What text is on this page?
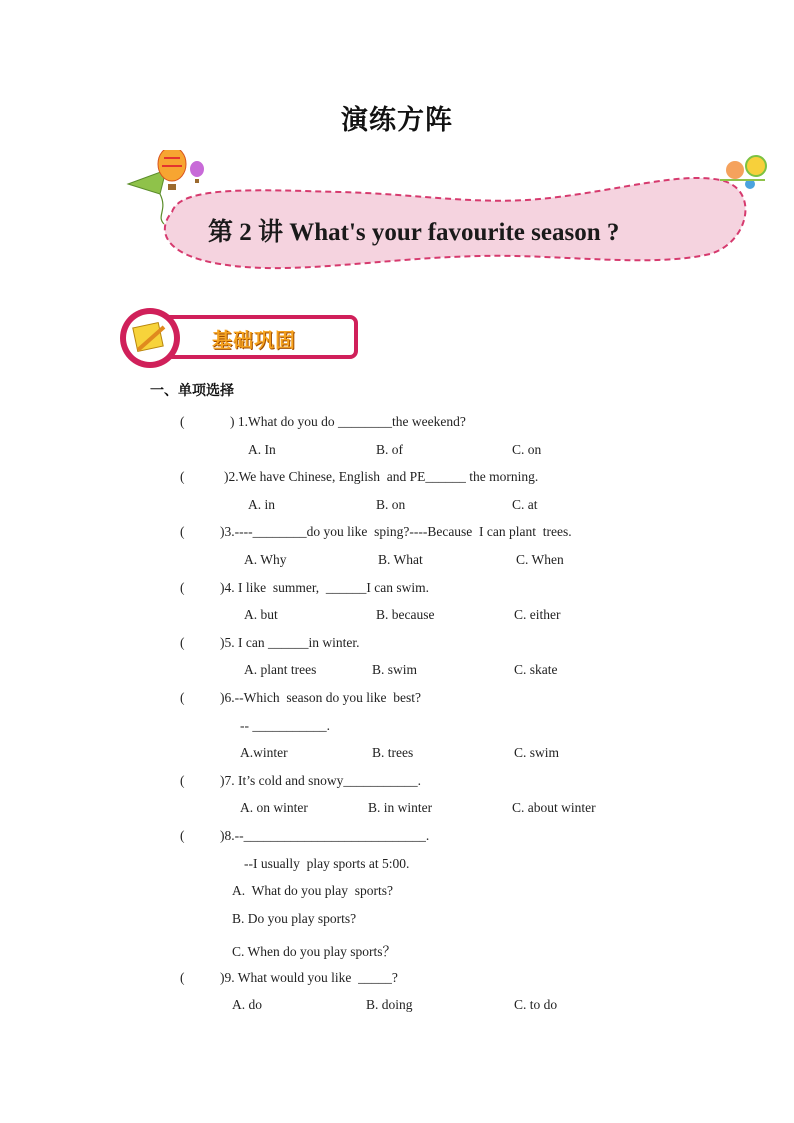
演练方阵
第 2 讲 What's your favourite season ?
基础巩固
一、单项选择
(	) 1.What do you do ________the weekend?
A. In	B. of	C. on
(	)2.We have Chinese, English  and PE______ the morning.
A. in	B. on	C. at
(	)3.----________do you like  sping?----Because  I can plant  trees.
A. Why	B. What	C. When
(	)4. I like  summer,  ______I can swim.
A. but	B. because	C. either
(	)5. I can ______in winter.
A. plant trees	B. swim	C. skate
(	)6.--Which  season do you like  best?
-- ___________.
A.winter	B. trees	C. swim
(	)7. It’s cold and snowy___________.
A. on winter	B. in winter	C. about winter
(	)8.--___________________________.
--I usually  play sports at 5:00.
A.  What do you play  sports?
B. Do you play sports?
C. When do you play sports？
(	)9. What would you like  _____?
A. do	B. doing	C. to do
